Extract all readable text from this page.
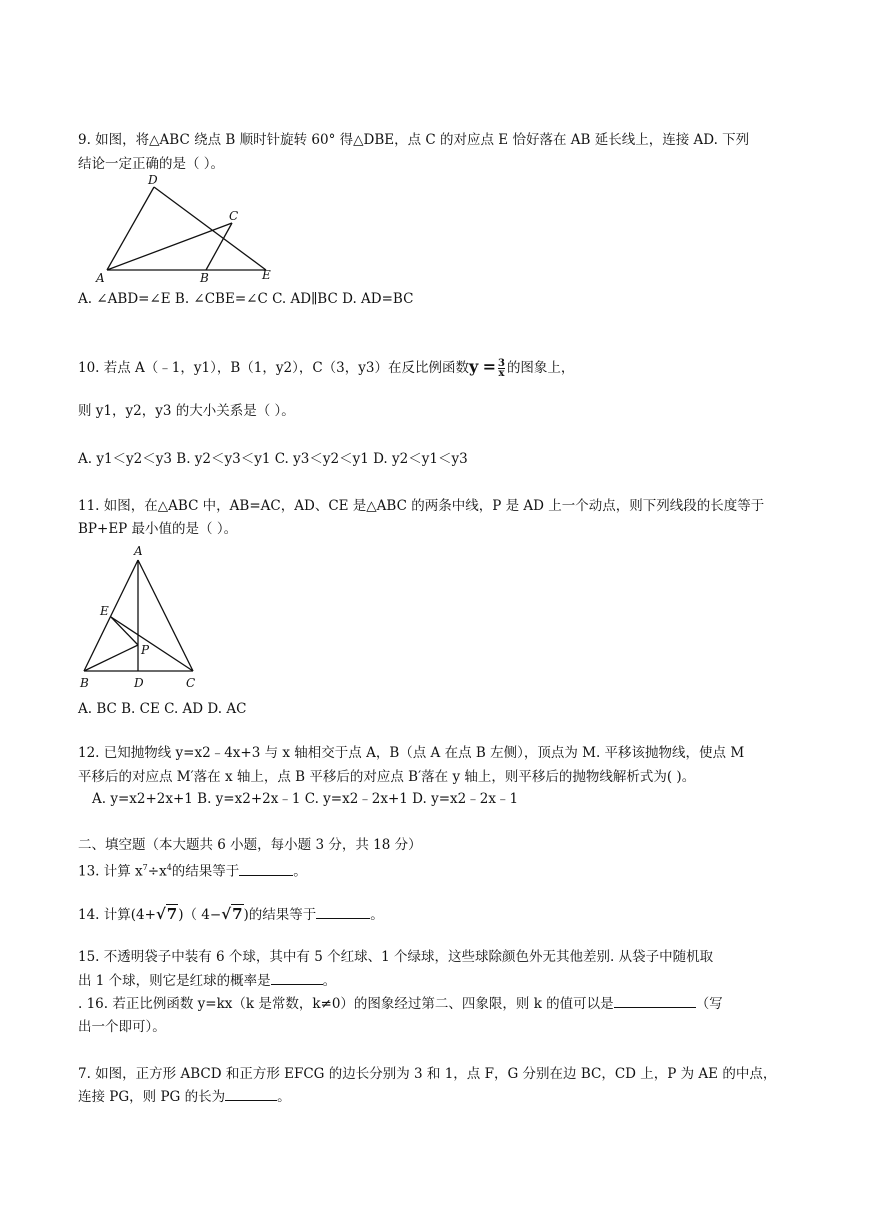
9. 如图，将△ABC 绕点 B 顺时针旋转 60° 得△DBE，点 C 的对应点 E 恰好落在 AB 延长线上，连接 AD. 下列
结论一定正确的是（ ）。
D
C
A	B	E
A. ∠ABD=∠E B. ∠CBE=∠C C. AD∥BC D. AD=BC
10. 若点 A（﹣1，y1），B（1，y2），C（3，y3）在反比例函数$y = \frac{3}{x}$ 的图象上，
则 y1，y2，y3 的大小关系是（ ）。
A. y1＜y2＜y3 B. y2＜y3＜y1 C. y3＜y2＜y1 D. y2＜y1＜y3
11. 如图，在△ABC 中，AB=AC，AD、CE 是△ABC 的两条中线，P 是 AD 上一个动点，则下列线段的长度等于
BP+EP 最小值的是（ ）。
A
E
P
B	D	C
A. BC B. CE C. AD D. AC
12. 已知抛物线 y=x2﹣4x+3 与 x 轴相交于点 A，B（点 A 在点 B 左侧），顶点为 M. 平移该抛物线，使点 M
平移后的对应点 M′落在 x 轴上，点 B 平移后的对应点 B′落在 y 轴上，则平移后的抛物线解析式为( )。
A. y=x2+2x+1 B. y=x2+2x﹣1 C. y=x2﹣2x+1 D. y=x2﹣2x﹣1
二、填空题（本大题共 6 小题，每小题 3 分，共 18 分）
13. 计算 $x^7\div x^4$的结果等于	。
14. 计算(4+√7)（ 4−√7)的结果等于	。
15. 不透明袋子中装有 6 个球，其中有 5 个红球、1 个绿球，这些球除颜色外无其他差别. 从袋子中随机取
出 1 个球，则它是红球的概率是	。
. 16. 若正比例函数 y=kx（k 是常数，k≠0）的图象经过第二、四象限，则 k 的值可以是	（写
出一个即可）。
7. 如图，正方形 ABCD 和正方形 EFCG 的边长分别为 3 和 1，点 F，G 分别在边 BC，CD 上，P 为 AE 的中点，
连接 PG，则 PG 的长为	。
